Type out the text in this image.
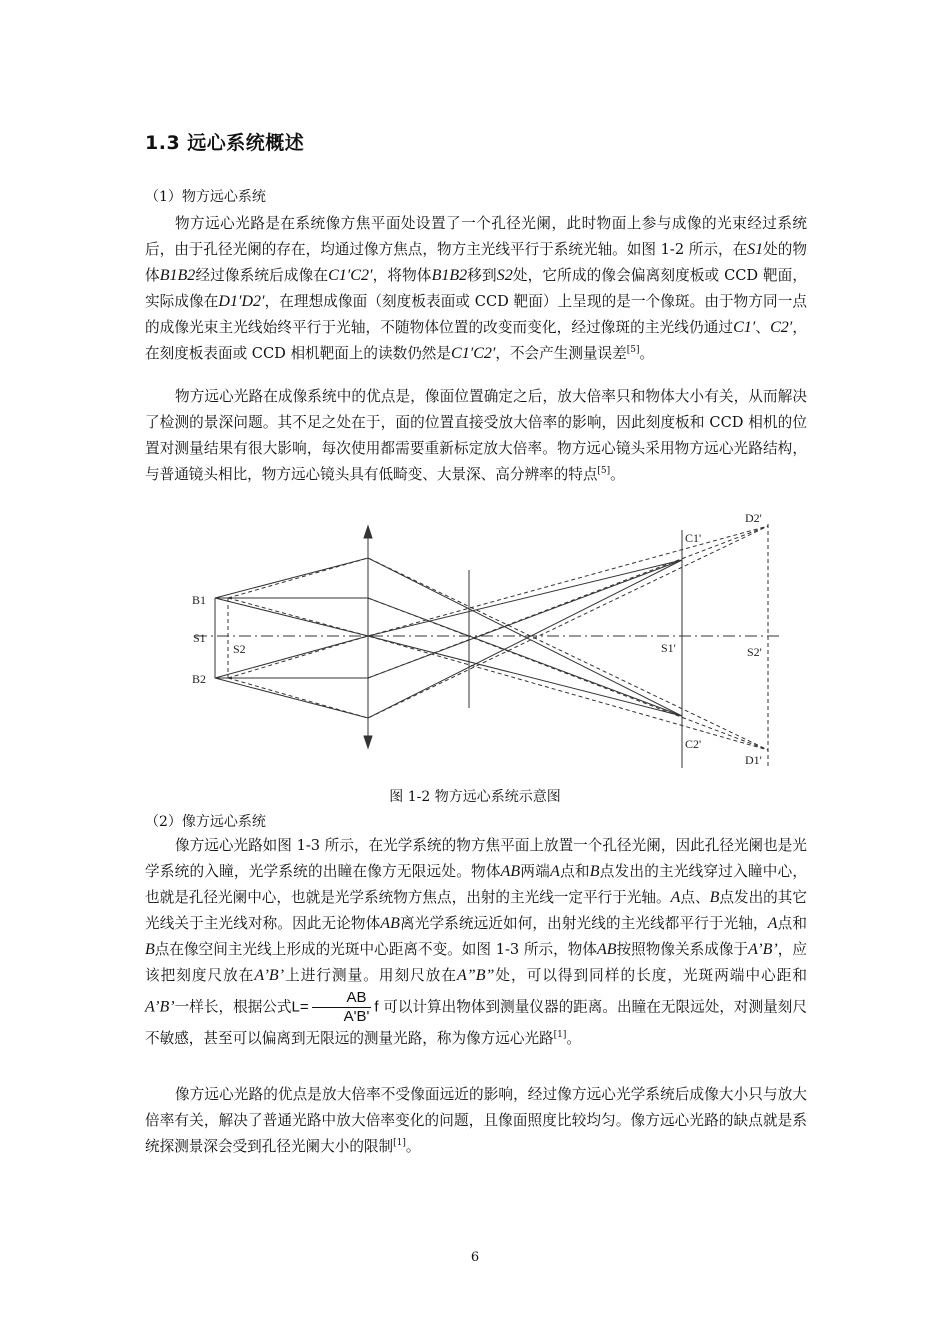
1.3 远心系统概述
（1）物方远心系统

物方远心光路是在系统像方焦平面处设置了一个孔径光阑，此时物面上参与成像的光束经过系统后，由于孔径光阑的存在，均通过像方焦点，物方主光线平行于系统光轴。如图 1-2 所示，在S1处的物体B1B2经过像系统后成像在C1′C2′，将物体B1B2移到S2处，它所成的像会偏离刻度板或 CCD 靶面，实际成像在D1′D2′，在理想成像面（刻度板表面或 CCD 靶面）上呈现的是一个像斑。由于物方同一点的成像光束主光线始终平行于光轴，不随物体位置的改变而变化，经过像斑的主光线仍通过C1′、C2′，在刻度板表面或 CCD 相机靶面上的读数仍然是C1′C2′，不会产生测量误差[5]。

物方远心光路在成像系统中的优点是，像面位置确定之后，放大倍率只和物体大小有关，从而解决了检测的景深问题。其不足之处在于，面的位置直接受放大倍率的影响，因此刻度板和 CCD 相机的位置对测量结果有很大影响，每次使用都需要重新标定放大倍率。物方远心镜头采用物方远心光路结构，与普通镜头相比，物方远心镜头具有低畸变、大景深、高分辨率的特点[5]。

B1
B2
S1
S2
C1'
C2'
D2'
D1'
S1'	S2'
图 1-2 物方远心系统示意图
（2）像方远心系统

像方远心光路如图 1-3 所示，在光学系统的物方焦平面上放置一个孔径光阑，因此孔径光阑也是光学系统的入瞳，光学系统的出瞳在像方无限远处。物体AB两端A点和B点发出的主光线穿过入瞳中心，也就是孔径光阑中心，也就是光学系统物方焦点，出射的主光线一定平行于光轴。A点、B点发出的其它光线关于主光线对称。因此无论物体AB离光学系统远近如何，出射光线的主光线都平行于光轴，A点和B点在像空间主光线上形成的光斑中心距离不变。如图 1-3 所示，物体AB按照物像关系成像于A’B’，应该把刻度尺放在A’B’上进行测量。用刻尺放在A”B”处，可以得到同样的长度，光斑两端中心距和A’B’一样长，根据公式$L= \frac{AB}{A'B'}$ f 可以计算出物体到测量仪器的距离。出瞳在无限远处，对测量刻尺不敏感，甚至可以偏离到无限远的测量光路，称为像方远心光路[1]。

像方远心光路的优点是放大倍率不受像面远近的影响，经过像方远心光学系统后成像大小只与放大倍率有关，解决了普通光路中放大倍率变化的问题，且像面照度比较均匀。像方远心光路的缺点就是系统探测景深会受到孔径光阑大小的限制[1]。

6
